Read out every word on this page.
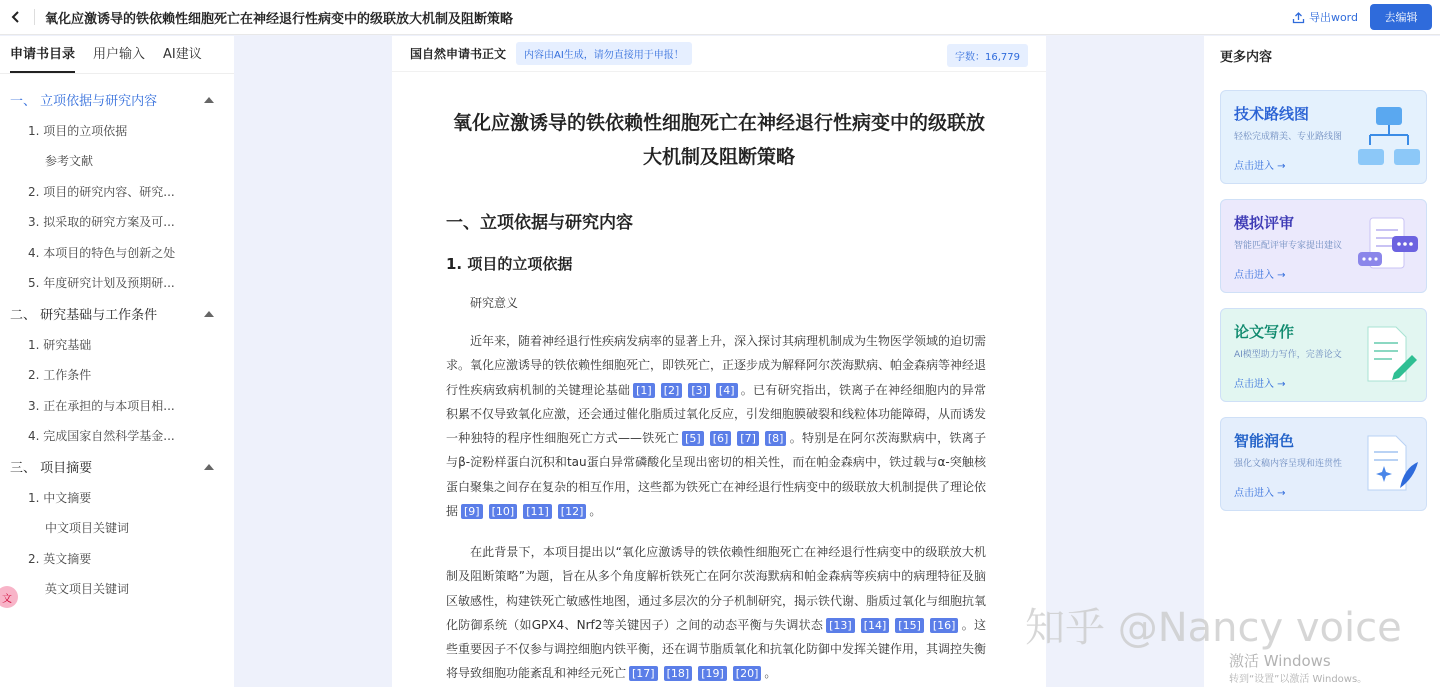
氧化应激诱导的铁依赖性细胞死亡在神经退行性病变中的级联放大机制及阻断策略	导出word	去编辑
申请书目录 用户输入 AI建议
一、 立项依据与研究内容
1. 项目的立项依据
参考文献
2. 项目的研究内容、研究...
3. 拟采取的研究方案及可...
4. 本项目的特色与创新之处
5. 年度研究计划及预期研...
二、 研究基础与工作条件
1. 研究基础
2. 工作条件
3. 正在承担的与本项目相...
4. 完成国家自然科学基金...
三、 项目摘要
1. 中文摘要
中文项目关键词
2. 英文摘要
英文项目关键词
文
国自然申请书正文	内容由AI生成，请勿直接用于申报！	字数：16,779
氧化应激诱导的铁依赖性细胞死亡在神经退行性病变中的级联放大机制及阻断策略
一、立项依据与研究内容
1. 项目的立项依据
研究意义
近年来，随着神经退行性疾病发病率的显著上升，深入探讨其病理机制成为生物医学领域的迫切需求。氧化应激诱导的铁依赖性细胞死亡，即铁死亡，正逐步成为解释阿尔茨海默病、帕金森病等神经退行性疾病致病机制的关键理论基础 [1] [2] [3] [4] 。已有研究指出，铁离子在神经细胞内的异常积累不仅导致氧化应激，还会通过催化脂质过氧化反应，引发细胞膜破裂和线粒体功能障碍，从而诱发一种独特的程序性细胞死亡方式——铁死亡 [5] [6] [7] [8] 。特别是在阿尔茨海默病中，铁离子与β-淀粉样蛋白沉积和tau蛋白异常磷酸化呈现出密切的相关性，而在帕金森病中，铁过载与α-突触核蛋白聚集之间存在复杂的相互作用，这些都为铁死亡在神经退行性病变中的级联放大机制提供了理论依据 [9] [10] [11] [12] 。
在此背景下，本项目提出以“氧化应激诱导的铁依赖性细胞死亡在神经退行性病变中的级联放大机制及阻断策略”为题，旨在从多个角度解析铁死亡在阿尔茨海默病和帕金森病等疾病中的病理特征及脑区敏感性，构建铁死亡敏感性地图，通过多层次的分子机制研究，揭示铁代谢、脂质过氧化与细胞抗氧化防御系统（如GPX4、Nrf2等关键因子）之间的动态平衡与失调状态 [13] [14] [15] [16] 。这些重要因子不仅参与调控细胞内铁平衡，还在调节脂质氧化和抗氧化防御中发挥关键作用，其调控失衡将导致细胞功能紊乱和神经元死亡 [17] [18] [19] [20] 。
更多内容
技术路线图
轻松完成精美、专业路线图
点击进入 →
模拟评审
智能匹配评审专家提出建议
点击进入 →
论文写作
AI模型助力写作，完善论文
点击进入 →
智能润色
强化文稿内容呈现和连贯性
点击进入 →
知乎 @Nancy voice
激活 Windows
转到“设置”以激活 Windows。
